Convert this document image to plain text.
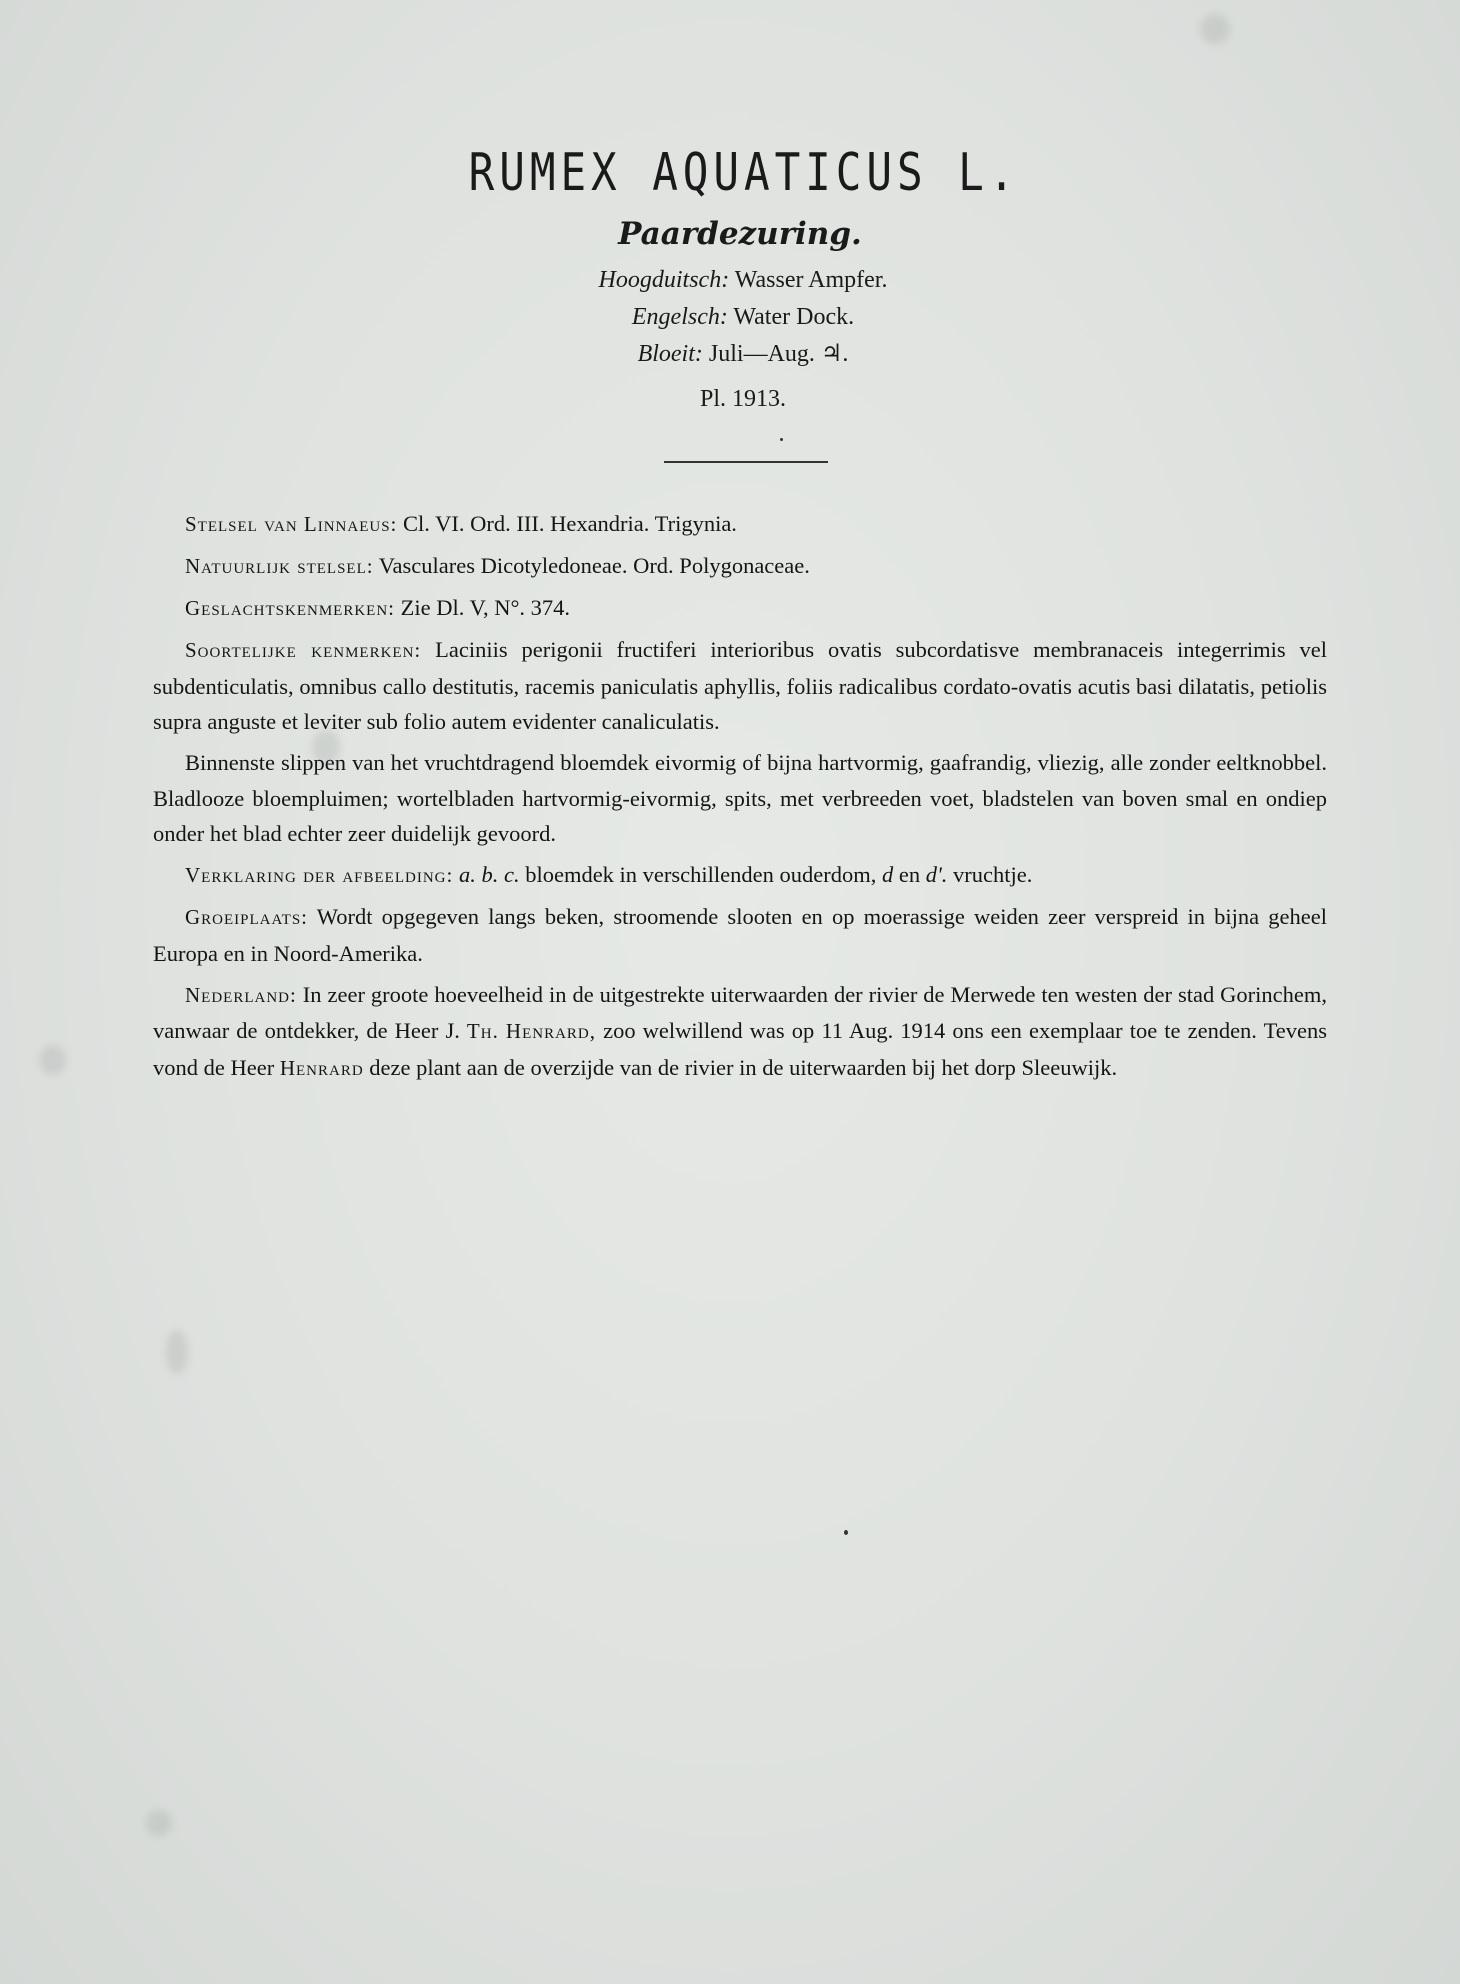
RUMEX AQUATICUS L.
Paardezuring.
Hoogduitsch: Wasser Ampfer.
Engelsch: Water Dock.
Bloeit: Juli—Aug. ♃.
Pl. 1913.

Stelsel van Linnaeus: Cl. VI. Ord. III. Hexandria. Trigynia.

Natuurlijk stelsel: Vasculares Dicotyledoneae. Ord. Polygonaceae.

Geslachtskenmerken: Zie Dl. V, N°. 374.

Soortelijke kenmerken: Laciniis perigonii fructiferi interioribus ovatis subcordatisve membranaceis integerrimis vel subdenticulatis, omnibus callo destitutis, racemis paniculatis aphyllis, foliis radicalibus cordato-ovatis acutis basi dilatatis, petiolis supra anguste et leviter sub folio autem evidenter canaliculatis.

Binnenste slippen van het vruchtdragend bloemdek eivormig of bijna hartvormig, gaafrandig, vliezig, alle zonder eeltknobbel. Bladlooze bloempluimen; wortelbladen hartvormig-eivormig, spits, met verbreeden voet, bladstelen van boven smal en ondiep onder het blad echter zeer duidelijk gevoord.

Verklaring der afbeelding: a. b. c. bloemdek in verschillenden ouderdom, d en d'. vruchtje.

Groeiplaats: Wordt opgegeven langs beken, stroomende slooten en op moerassige weiden zeer verspreid in bijna geheel Europa en in Noord-Amerika.

Nederland: In zeer groote hoeveelheid in de uitgestrekte uiterwaarden der rivier de Merwede ten westen der stad Gorinchem, vanwaar de ontdekker, de Heer J. Th. Henrard, zoo welwillend was op 11 Aug. 1914 ons een exemplaar toe te zenden. Tevens vond de Heer Henrard deze plant aan de overzijde van de rivier in de uiterwaarden bij het dorp Sleeuwijk.
